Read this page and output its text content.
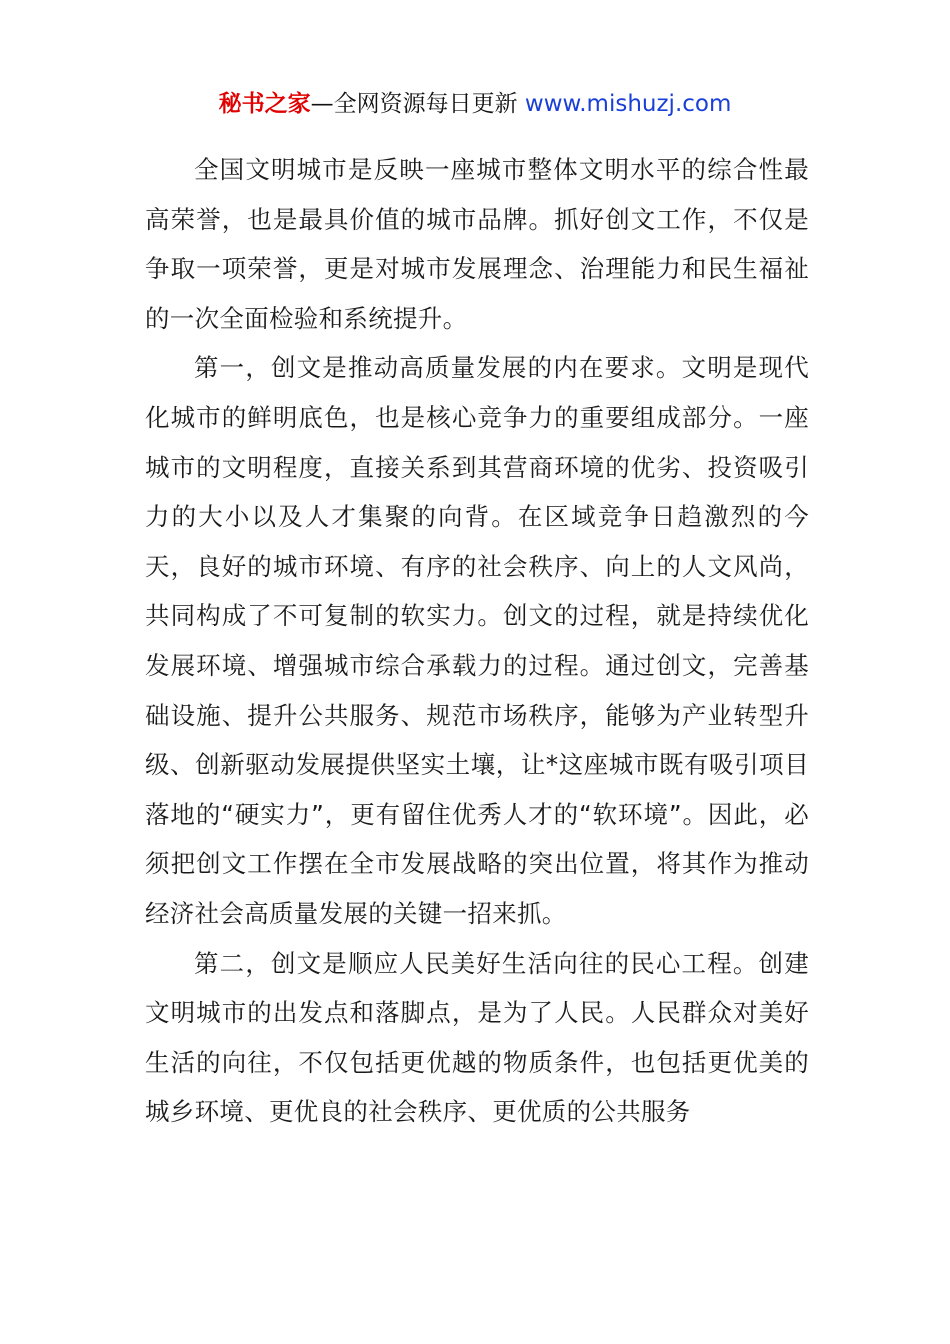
秘书之家—全网资源每日更新 www.mishuzj.com

全国文明城市是反映一座城市整体文明水平的综合性最高荣誉，也是最具价值的城市品牌。抓好创文工作，不仅是争取一项荣誉，更是对城市发展理念、治理能力和民生福祉的一次全面检验和系统提升。

第一，创文是推动高质量发展的内在要求。文明是现代化城市的鲜明底色，也是核心竞争力的重要组成部分。一座城市的文明程度，直接关系到其营商环境的优劣、投资吸引力的大小以及人才集聚的向背。在区域竞争日趋激烈的今天，良好的城市环境、有序的社会秩序、向上的人文风尚，共同构成了不可复制的软实力。创文的过程，就是持续优化发展环境、增强城市综合承载力的过程。通过创文，完善基础设施、提升公共服务、规范市场秩序，能够为产业转型升级、创新驱动发展提供坚实土壤，让*这座城市既有吸引项目落地的“硬实力”，更有留住优秀人才的“软环境”。因此，必须把创文工作摆在全市发展战略的突出位置，将其作为推动经济社会高质量发展的关键一招来抓。

第二，创文是顺应人民美好生活向往的民心工程。创建文明城市的出发点和落脚点，是为了人民。人民群众对美好生活的向往，不仅包括更优越的物质条件，也包括更优美的城乡环境、更优良的社会秩序、更优质的公共服务
